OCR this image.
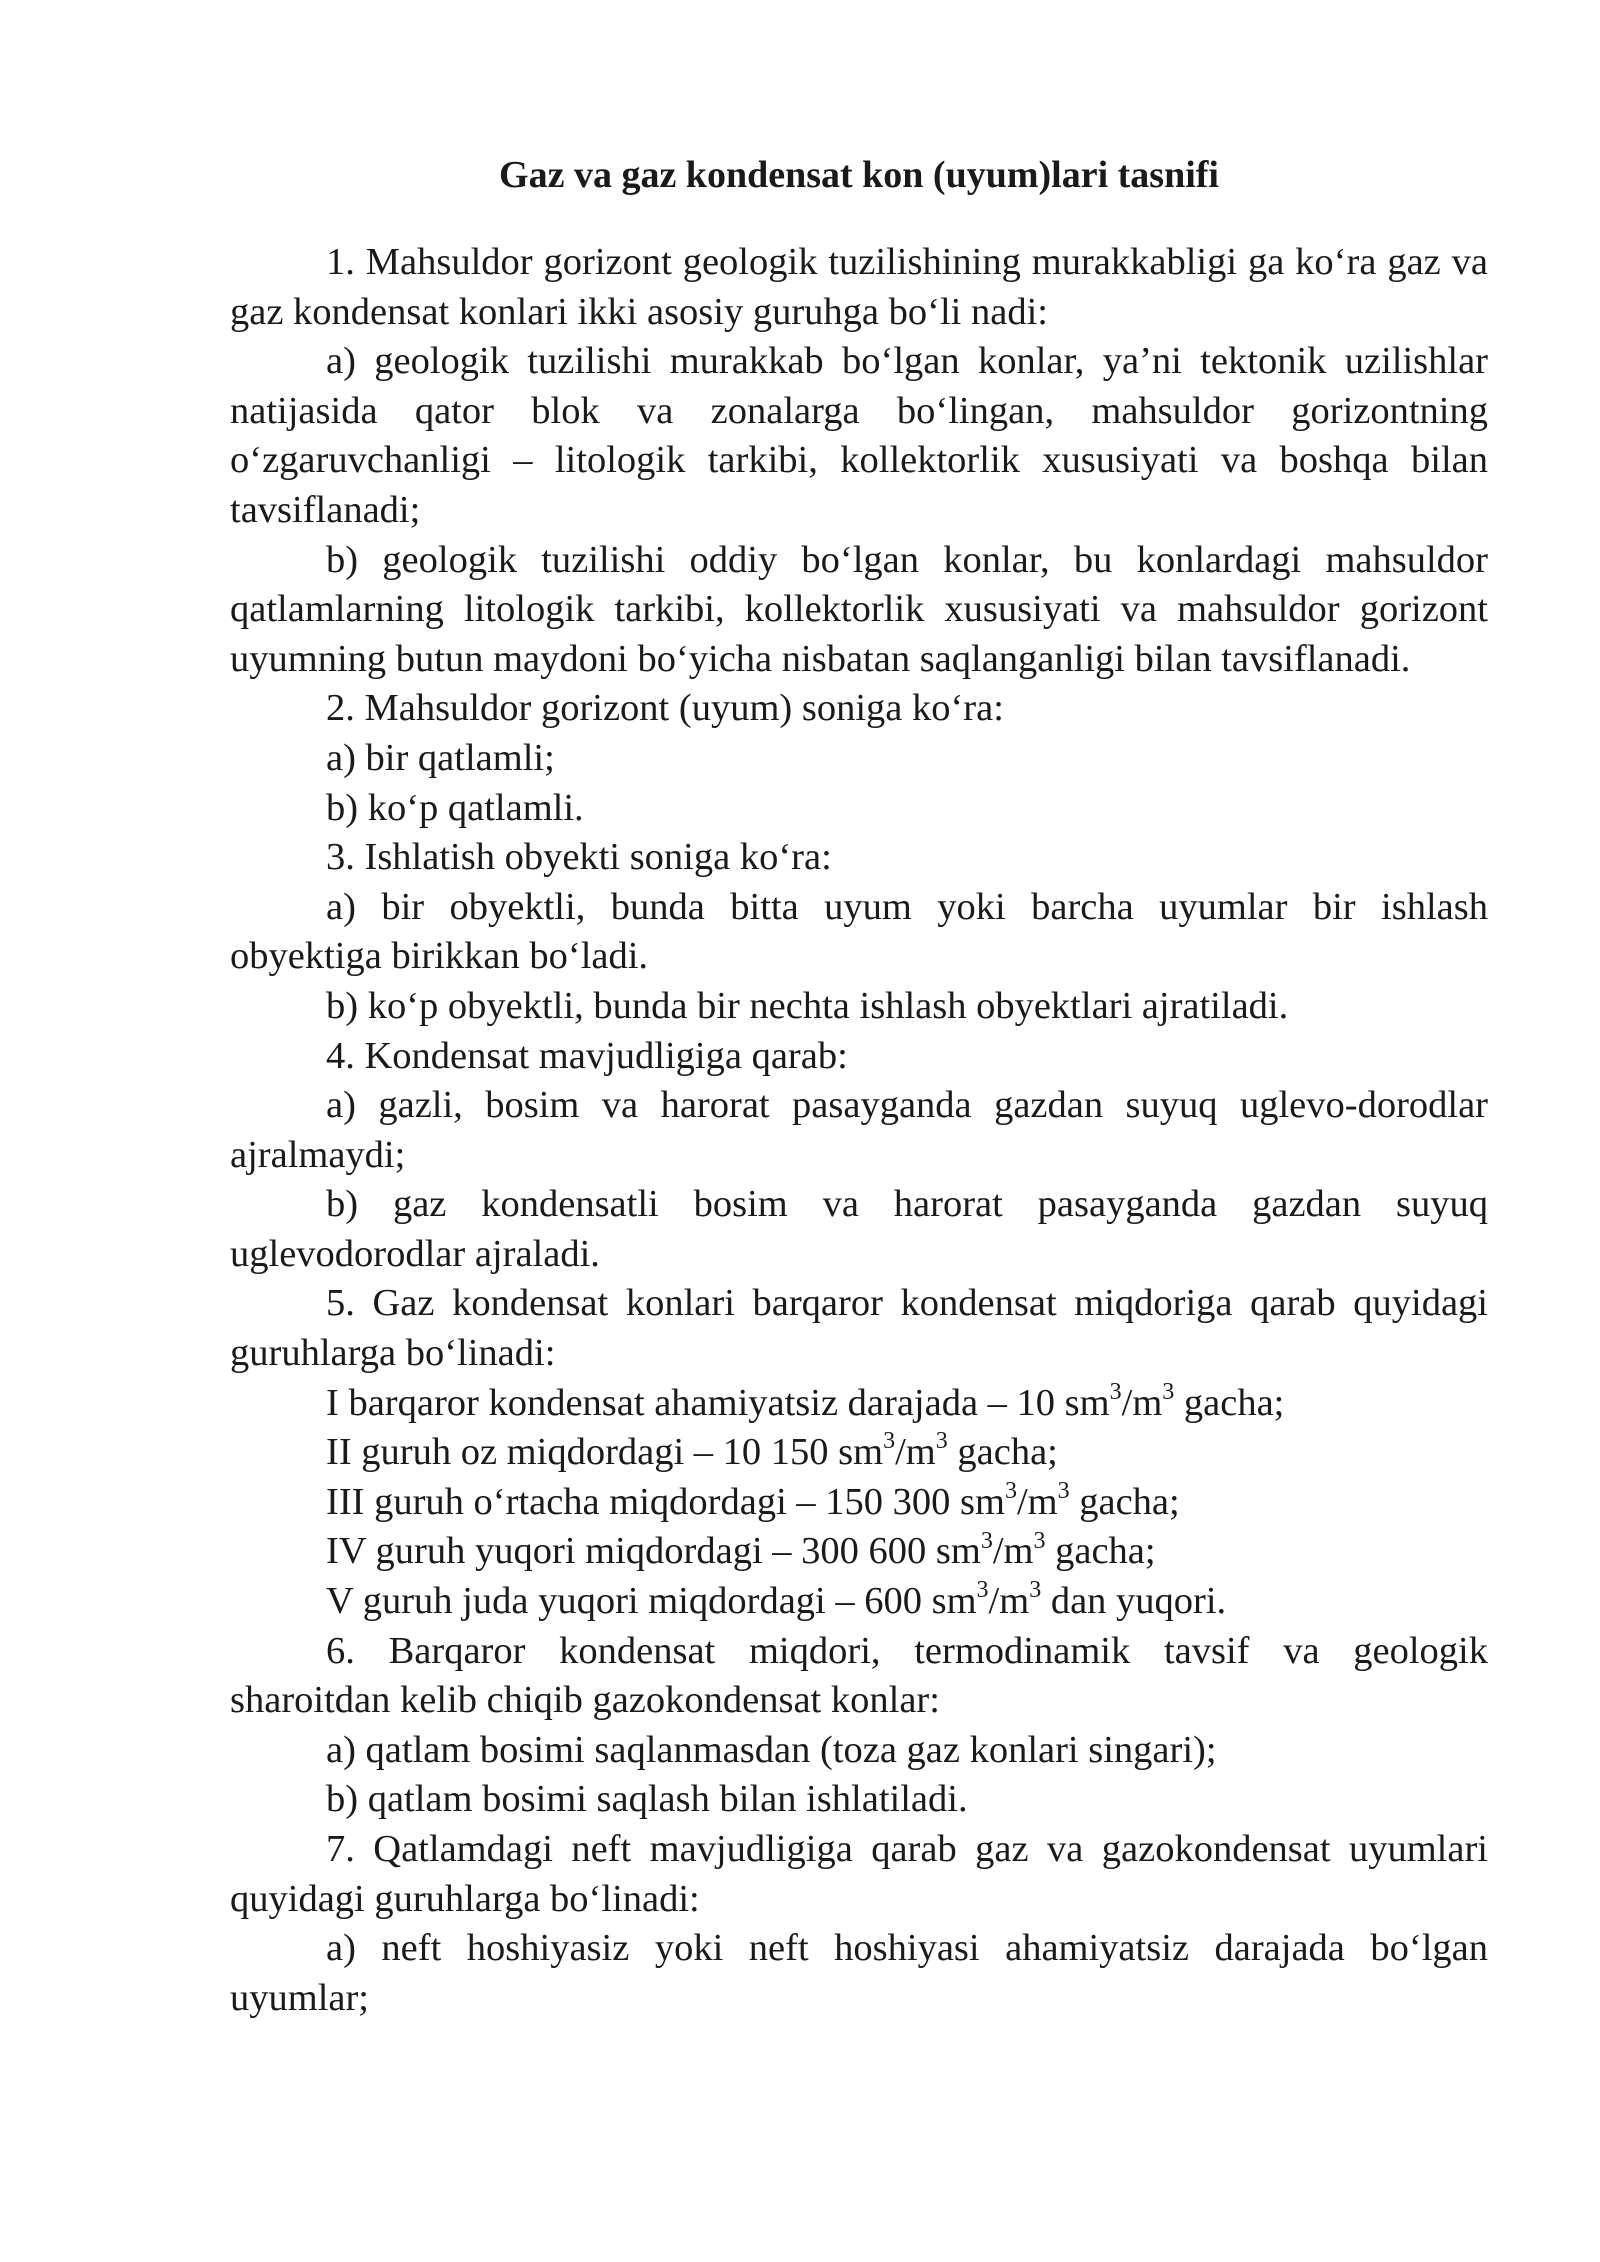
Gaz va gaz kondensat kon (uyum)lari tasnifi

1. Mahsuldor gorizont geologik tuzilishining murakkabligi ga ko‘ra gaz va gaz kondensat konlari ikki asosiy guruhga bo‘li nadi:

a) geologik tuzilishi murakkab bo‘lgan konlar, ya’ni tektonik uzilishlar natijasida qator blok va zonalarga bo‘lingan, mahsuldor gorizontning o‘zgaruvchanligi – litologik tarkibi, kollektorlik xususiyati va boshqa bilan tavsiflanadi;

b) geologik tuzilishi oddiy bo‘lgan konlar, bu konlardagi mahsuldor qatlamlarning litologik tarkibi, kollektorlik xususiyati va mahsuldor gorizont uyumning butun maydoni bo‘yicha nisbatan saqlanganligi bilan tavsiflanadi.

2. Mahsuldor gorizont (uyum) soniga ko‘ra:

a) bir qatlamli;

b) ko‘p qatlamli.

3. Ishlatish obyekti soniga ko‘ra:

a) bir obyektli, bunda bitta uyum yoki barcha uyumlar bir ishlash obyektiga birikkan bo‘ladi.

b) ko‘p obyektli, bunda bir nechta ishlash obyektlari ajratiladi.

4. Kondensat mavjudligiga qarab:

a) gazli, bosim va harorat pasayganda gazdan suyuq uglevo-dorodlar ajralmaydi;

b) gaz kondensatli bosim va harorat pasayganda gazdan suyuq uglevodorodlar ajraladi.

5. Gaz kondensat konlari barqaror kondensat miqdoriga qarab quyidagi guruhlarga bo‘linadi:

I barqaror kondensat ahamiyatsiz darajada – 10 $sm^3/m^3$ gacha;

II guruh oz miqdordagi – 10 150 $sm^3/m^3$ gacha;

III guruh o‘rtacha miqdordagi – 150 300 $sm^3/m^3$ gacha;

IV guruh yuqori miqdordagi – 300 600 $sm^3/m^3$ gacha;

V guruh juda yuqori miqdordagi – 600 $sm^3/m^3$ dan yuqori.

6. Barqaror kondensat miqdori, termodinamik tavsif va geologik sharoitdan kelib chiqib gazokondensat konlar:

a) qatlam bosimi saqlanmasdan (toza gaz konlari singari);

b) qatlam bosimi saqlash bilan ishlatiladi.

7. Qatlamdagi neft mavjudligiga qarab gaz va gazokondensat uyumlari quyidagi guruhlarga bo‘linadi:

a) neft hoshiyasiz yoki neft hoshiyasi ahamiyatsiz darajada bo‘lgan uyumlar;
